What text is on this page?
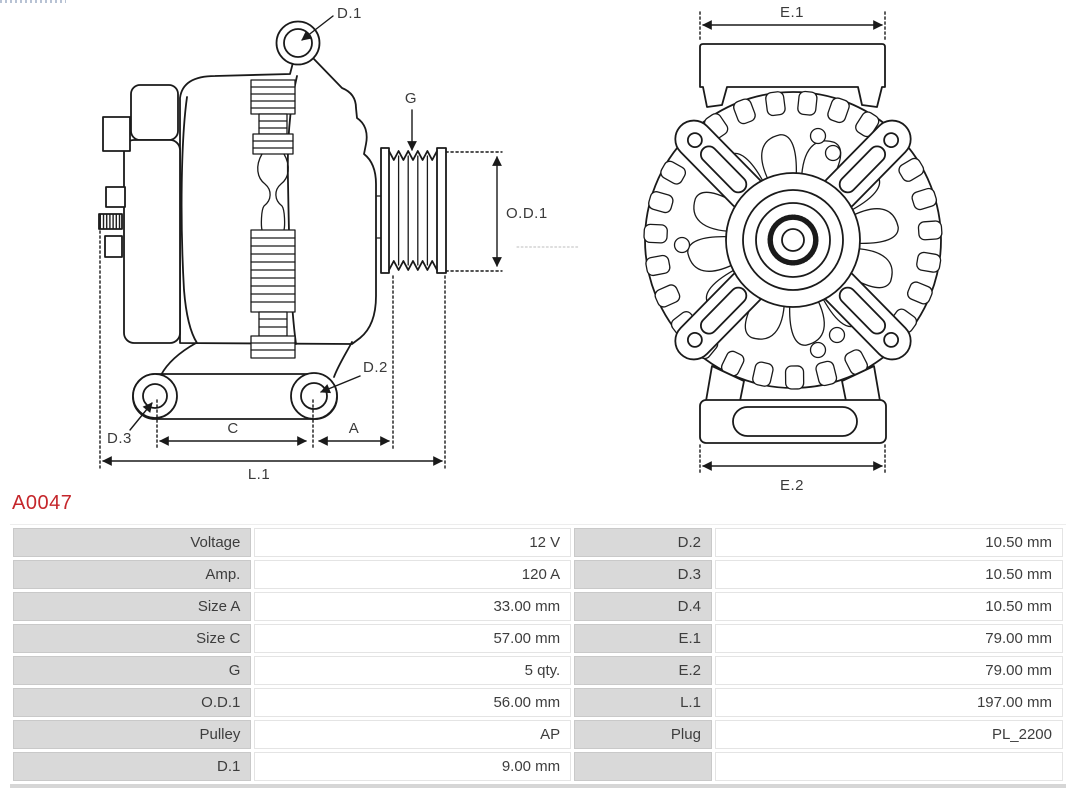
D.1
G
O.D.1
D.2
D.3
C	A
L.1
E.1
E.2
A0047
Voltage	12 V	D.2	10.50 mm
Amp.	120 A	D.3	10.50 mm
Size A	33.00 mm	D.4	10.50 mm
Size C	57.00 mm	E.1	79.00 mm
G	5 qty.	E.2	79.00 mm
O.D.1	56.00 mm	L.1	197.00 mm
Pulley	AP	Plug	PL_2200
D.1	9.00 mm		
